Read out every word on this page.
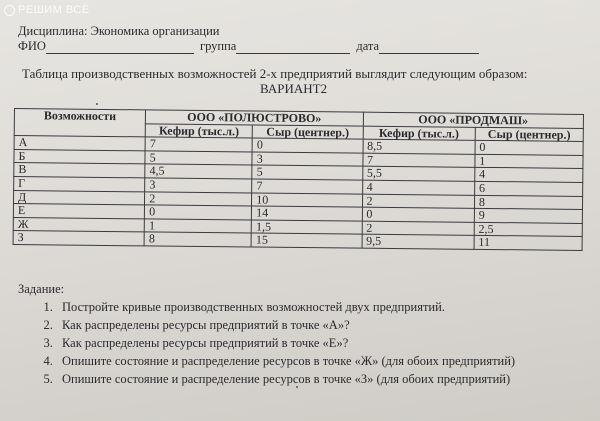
РЕШИМ ВСЁ
Дисциплина: Экономика организации
ФИО	группа	дата
Таблица производственных возможностей 2-х предприятий выглядит следующим образом:
ВАРИАНТ2
Возможности	ООО «ПОЛЮСТРОВО»		ООО «ПРОДМАШ»	
	Кефир (тыс.л.)	Сыр (центнер.)	Кефир (тыс.л.)	Сыр (центнер.)
А	7	0	8,5	0
Б	5	3	7	1
В	4,5	5	5,5	4
Г	3	7	4	6
Д	2	10	2	8
Е	0	14	0	9
Ж	1	1,5	2	2,5
З	8	15	9,5	11
Задание:
1. Постройте кривые производственных возможностей двух предприятий.
2. Как распределены ресурсы предприятий в точке «А»?
3. Как распределены ресурсы предприятий в точке «Е»?
4. Опишите состояние и распределение ресурсов в точке «Ж» (для обоих предприятий)
5. Опишите состояние и распределение ресурсов в точке «З» (для обоих предприятий)
